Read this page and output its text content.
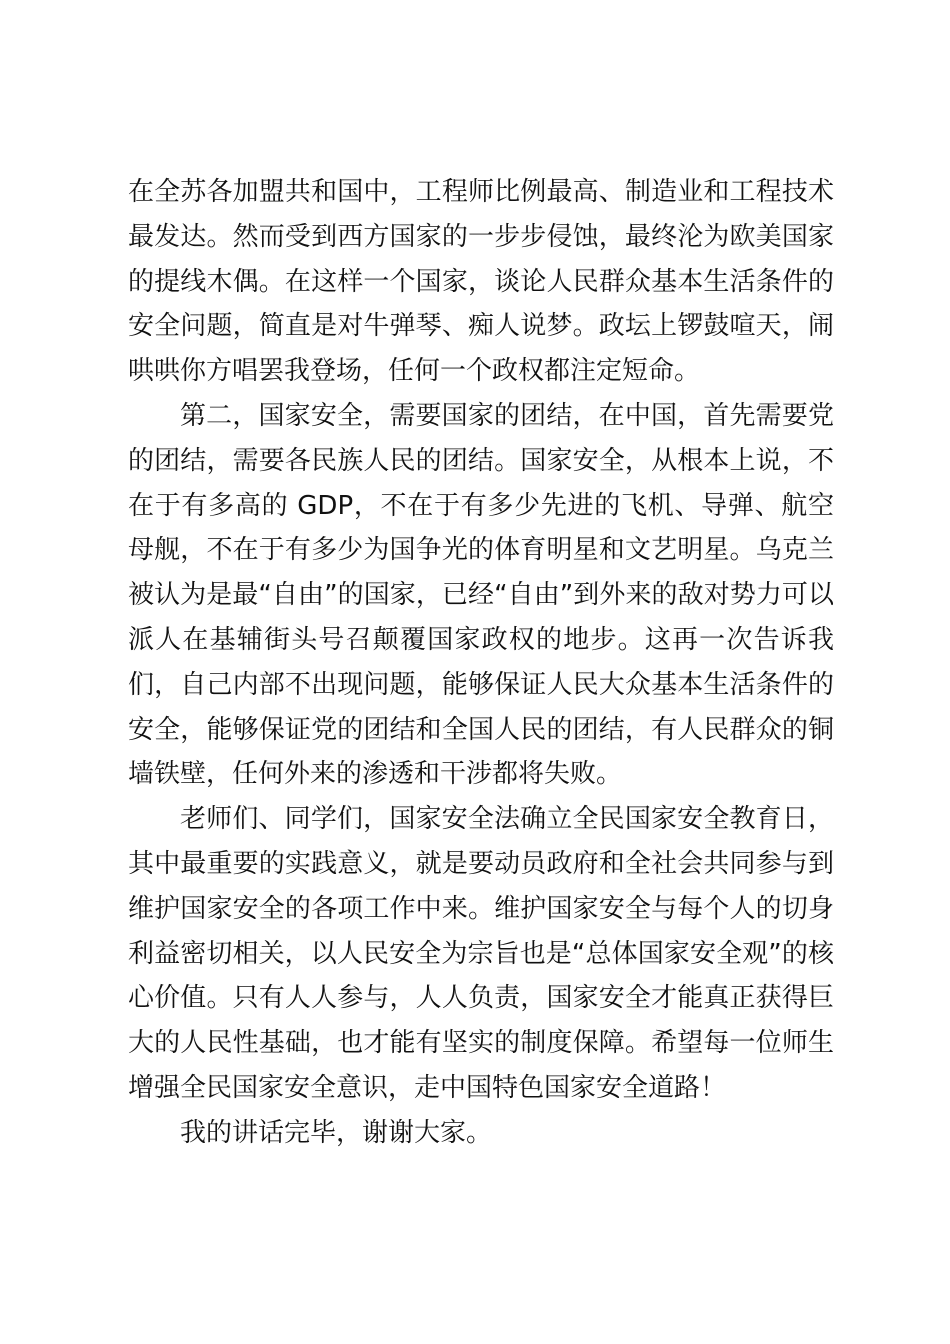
在全苏各加盟共和国中，工程师比例最高、制造业和工程技术最发达。然而受到西方国家的一步步侵蚀，最终沦为欧美国家的提线木偶。在这样一个国家，谈论人民群众基本生活条件的安全问题，简直是对牛弹琴、痴人说梦。政坛上锣鼓喧天，闹哄哄你方唱罢我登场，任何一个政权都注定短命。

第二，国家安全，需要国家的团结，在中国，首先需要党的团结，需要各民族人民的团结。国家安全，从根本上说，不在于有多高的 GDP，不在于有多少先进的飞机、导弹、航空母舰，不在于有多少为国争光的体育明星和文艺明星。乌克兰被认为是最“自由”的国家，已经“自由”到外来的敌对势力可以派人在基辅街头号召颠覆国家政权的地步。这再一次告诉我们，自己内部不出现问题，能够保证人民大众基本生活条件的安全，能够保证党的团结和全国人民的团结，有人民群众的铜墙铁壁，任何外来的渗透和干涉都将失败。

老师们、同学们，国家安全法确立全民国家安全教育日，其中最重要的实践意义，就是要动员政府和全社会共同参与到维护国家安全的各项工作中来。维护国家安全与每个人的切身利益密切相关，以人民安全为宗旨也是“总体国家安全观”的核心价值。只有人人参与，人人负责，国家安全才能真正获得巨大的人民性基础，也才能有坚实的制度保障。希望每一位师生增强全民国家安全意识，走中国特色国家安全道路！

我的讲话完毕，谢谢大家。
